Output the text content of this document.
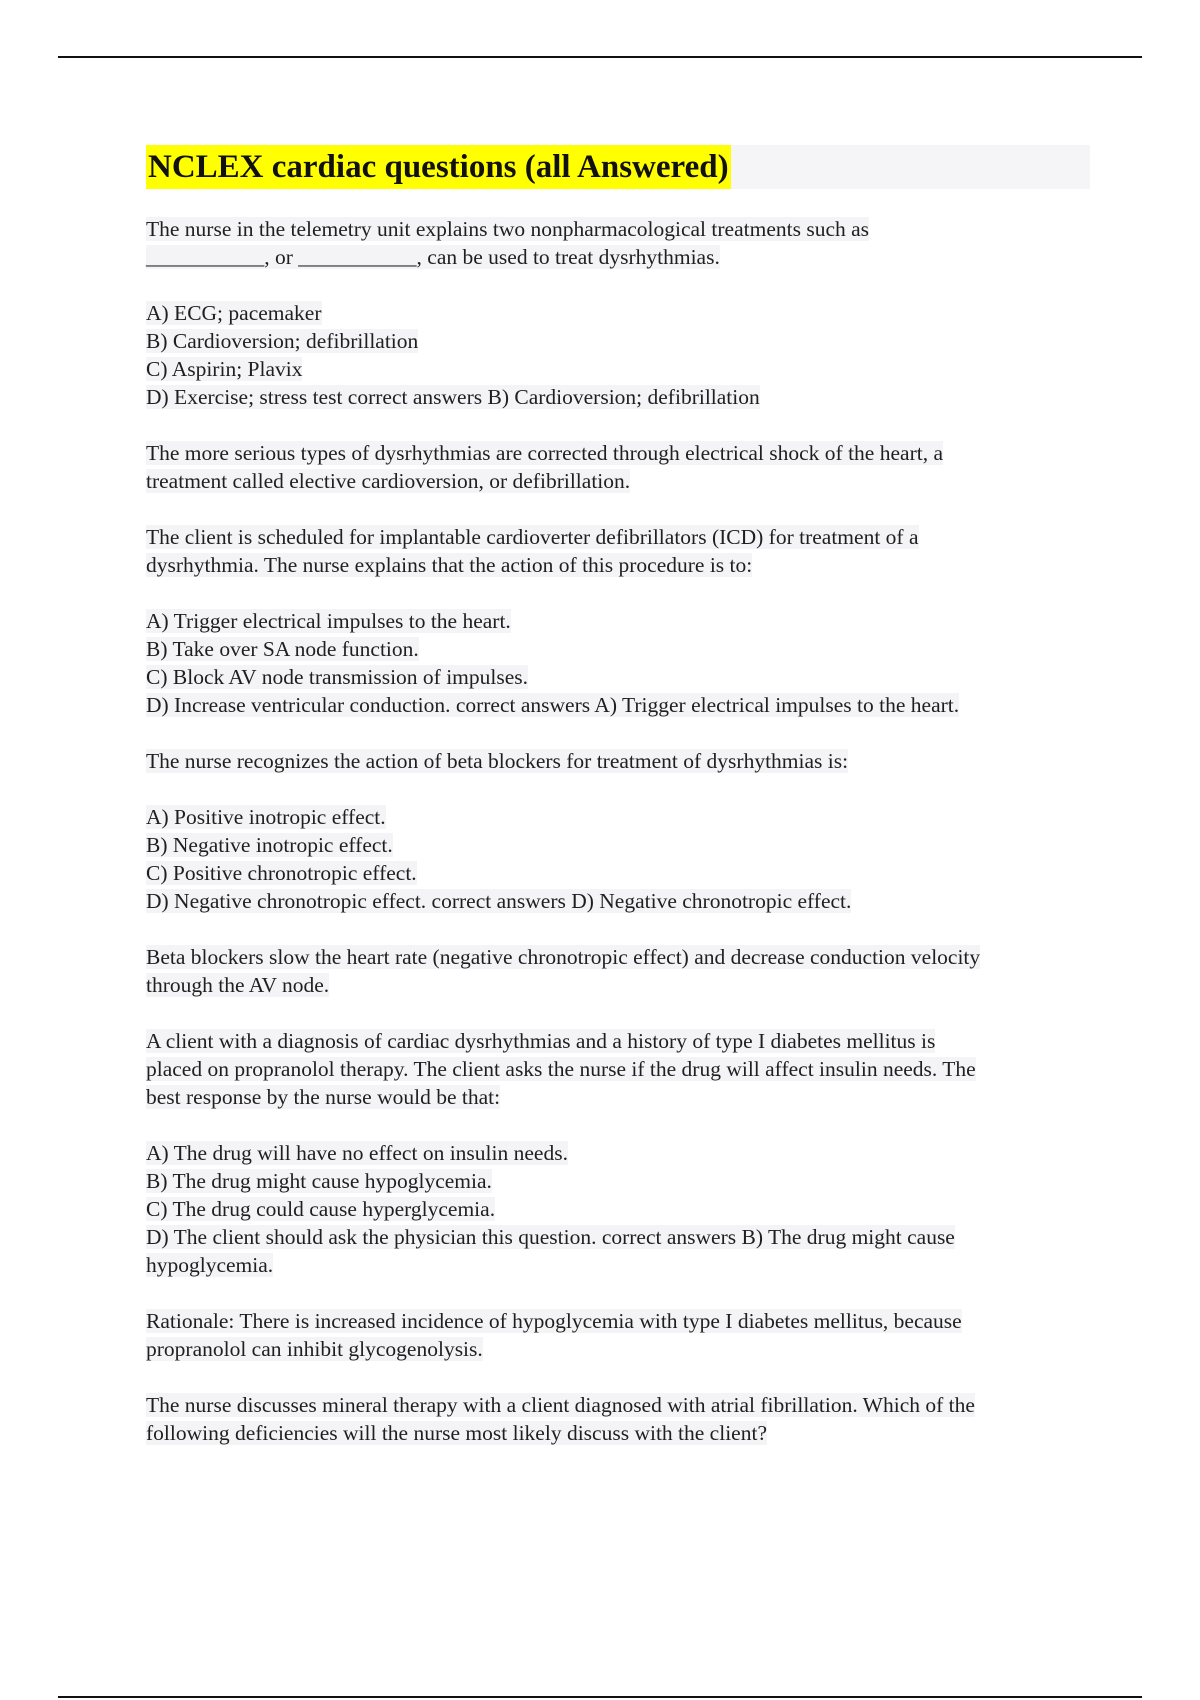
NCLEX cardiac questions (all Answered)
The nurse in the telemetry unit explains two nonpharmacological treatments such as
___________, or ___________, can be used to treat dysrhythmias.
A) ECG; pacemaker
B) Cardioversion; defibrillation
C) Aspirin; Plavix
D) Exercise; stress test correct answers B) Cardioversion; defibrillation
The more serious types of dysrhythmias are corrected through electrical shock of the heart, a
treatment called elective cardioversion, or defibrillation.
The client is scheduled for implantable cardioverter defibrillators (ICD) for treatment of a
dysrhythmia. The nurse explains that the action of this procedure is to:
A) Trigger electrical impulses to the heart.
B) Take over SA node function.
C) Block AV node transmission of impulses.
D) Increase ventricular conduction. correct answers A) Trigger electrical impulses to the heart.
The nurse recognizes the action of beta blockers for treatment of dysrhythmias is:
A) Positive inotropic effect.
B) Negative inotropic effect.
C) Positive chronotropic effect.
D) Negative chronotropic effect. correct answers D) Negative chronotropic effect.
Beta blockers slow the heart rate (negative chronotropic effect) and decrease conduction velocity
through the AV node.
A client with a diagnosis of cardiac dysrhythmias and a history of type I diabetes mellitus is
placed on propranolol therapy. The client asks the nurse if the drug will affect insulin needs. The
best response by the nurse would be that:
A) The drug will have no effect on insulin needs.
B) The drug might cause hypoglycemia.
C) The drug could cause hyperglycemia.
D) The client should ask the physician this question. correct answers B) The drug might cause
hypoglycemia.
Rationale: There is increased incidence of hypoglycemia with type I diabetes mellitus, because
propranolol can inhibit glycogenolysis.
The nurse discusses mineral therapy with a client diagnosed with atrial fibrillation. Which of the
following deficiencies will the nurse most likely discuss with the client?
